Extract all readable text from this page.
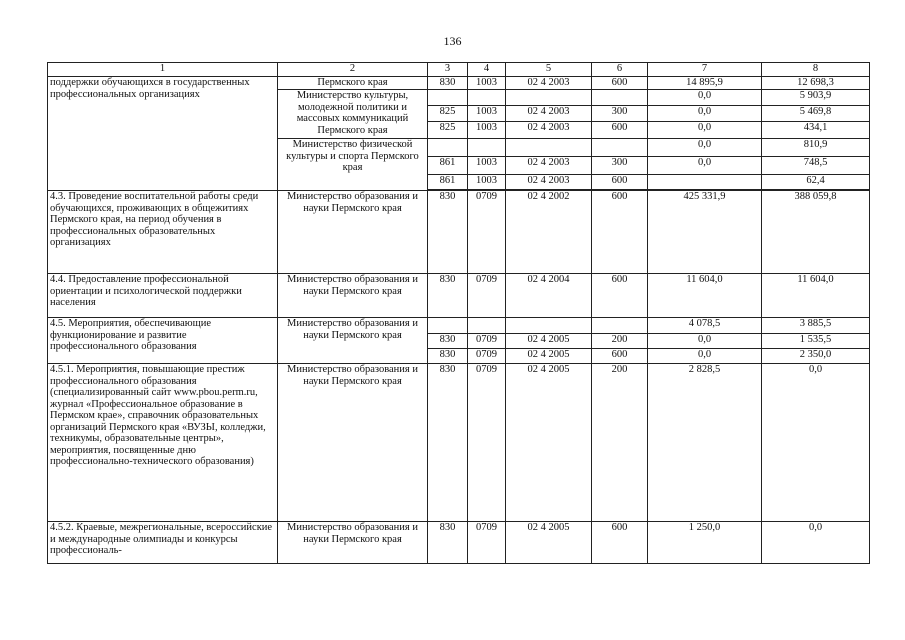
136
1	2	3	4	5	6	7	8
поддержки обучающихся в государственных профессиональных организациях	Пермского края	830	1003	02 4 2003	600	14 895,9	12 698,3
	Министерство культуры, молодежной политики и массовых коммуникаций Пермского края					0,0	5 903,9
		825	1003	02 4 2003	300	0,0	5 469,8
		825	1003	02 4 2003	600	0,0	434,1
	Министерство физической культуры и спорта Пермского края					0,0	810,9
		861	1003	02 4 2003	300	0,0	748,5
		861	1003	02 4 2003	600		62,4

4.3. Проведение воспитательной работы среди обучающихся, проживающих в общежитиях Пермского края, на период обучения в профессиональных образовательных организациях	Министерство образования и науки Пермского края	830	0709	02 4 2002	600	425 331,9	388 059,8
4.4. Предоставление профессиональной ориентации и психологической поддержки населения	Министерство образования и науки Пермского края	830	0709	02 4 2004	600	11 604,0	11 604,0
4.5. Мероприятия, обеспечивающие функционирование и развитие профессионального образования	Министерство образования и науки Пермского края					4 078,5	3 885,5
		830	0709	02 4 2005	200	0,0	1 535,5
		830	0709	02 4 2005	600	0,0	2 350,0
4.5.1. Мероприятия, повышающие престиж профессионального образования (специализированный сайт www.pbou.perm.ru, журнал «Профессиональное образование в Пермском крае», справочник образовательных организаций Пермского края «ВУЗЫ, колледжи, техникумы, образовательные центры», мероприятия, посвященные дню профессионально-технического образования)	Министерство образования и науки Пермского края	830	0709	02 4 2005	200	2 828,5	0,0
4.5.2. Краевые, межрегиональные, всероссийские и международные олимпиады и конкурсы профессиональ-	Министерство образования и науки Пермского края	830	0709	02 4 2005	600	1 250,0	0,0
